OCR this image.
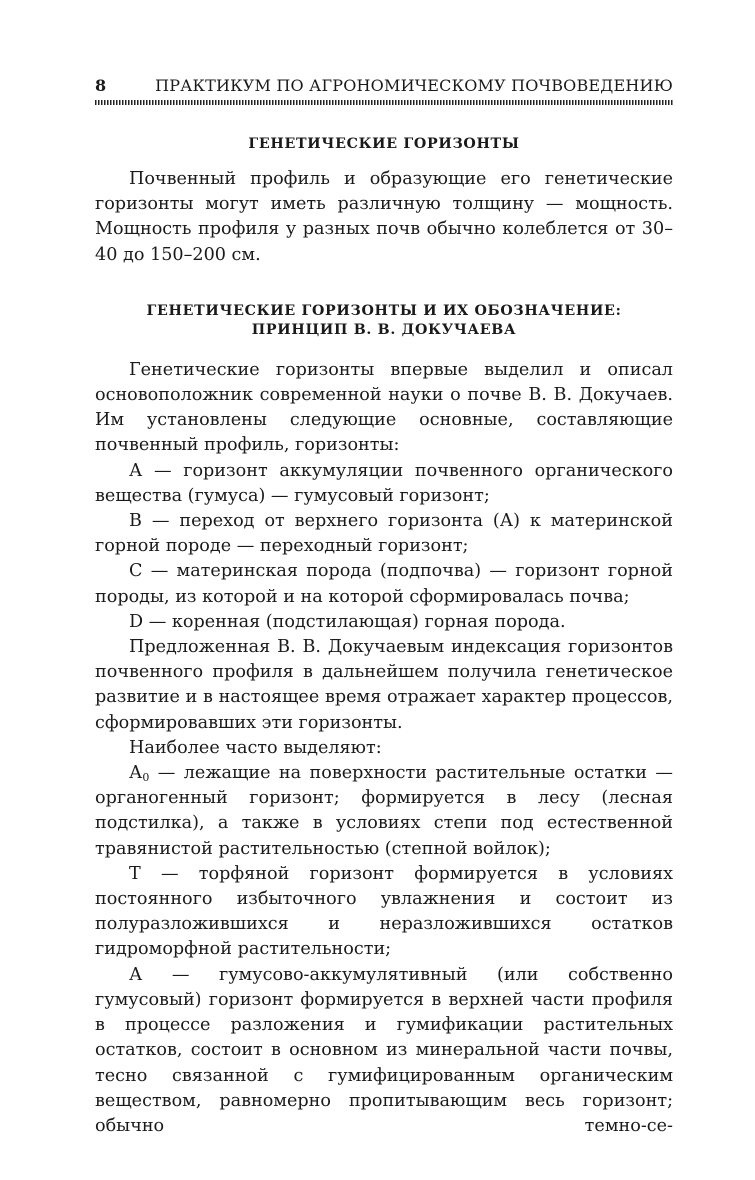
8	ПРАКТИКУМ ПО АГРОНОМИЧЕСКОМУ ПОЧВОВЕДЕНИЮ
ГЕНЕТИЧЕСКИЕ ГОРИЗОНТЫ

Почвенный профиль и образующие его генетические горизонты могут иметь различную толщину — мощность. Мощность профиля у разных почв обычно колеблется от 30–40 до 150–200 см.

ГЕНЕТИЧЕСКИЕ ГОРИЗОНТЫ И ИХ ОБОЗНАЧЕНИЕ:
ПРИНЦИП В. В. ДОКУЧАЕВА

Генетические горизонты впервые выделил и описал основоположник современной науки о почве В. В. Докучаев. Им установлены следующие основные, составляющие почвенный профиль, горизонты:

А — горизонт аккумуляции почвенного органического вещества (гумуса) — гумусовый горизонт;

В — переход от верхнего горизонта (А) к материнской горной породе — переходный горизонт;

С — материнская порода (подпочва) — горизонт горной породы, из которой и на которой сформировалась почва;

D — коренная (подстилающая) горная порода.

Предложенная В. В. Докучаевым индексация горизонтов почвенного профиля в дальнейшем получила генетическое развитие и в настоящее время отражает характер процессов, сформировавших эти горизонты.

Наиболее часто выделяют:

$А_0$ — лежащие на поверхности растительные остатки — органогенный горизонт; формируется в лесу (лесная подстилка), а также в условиях степи под естественной травянистой растительностью (степной войлок);

Т — торфяной горизонт формируется в условиях постоянного избыточного увлажнения и состоит из полуразложившихся и неразложившихся остатков гидроморфной растительности;

А — гумусово-аккумулятивный (или собственно гумусовый) горизонт формируется в верхней части профиля в процессе разложения и гумификации растительных остатков, состоит в основном из минеральной части почвы, тесно связанной с гумифицированным органическим веществом, равномерно пропитывающим весь горизонт; обычно темно-се-
